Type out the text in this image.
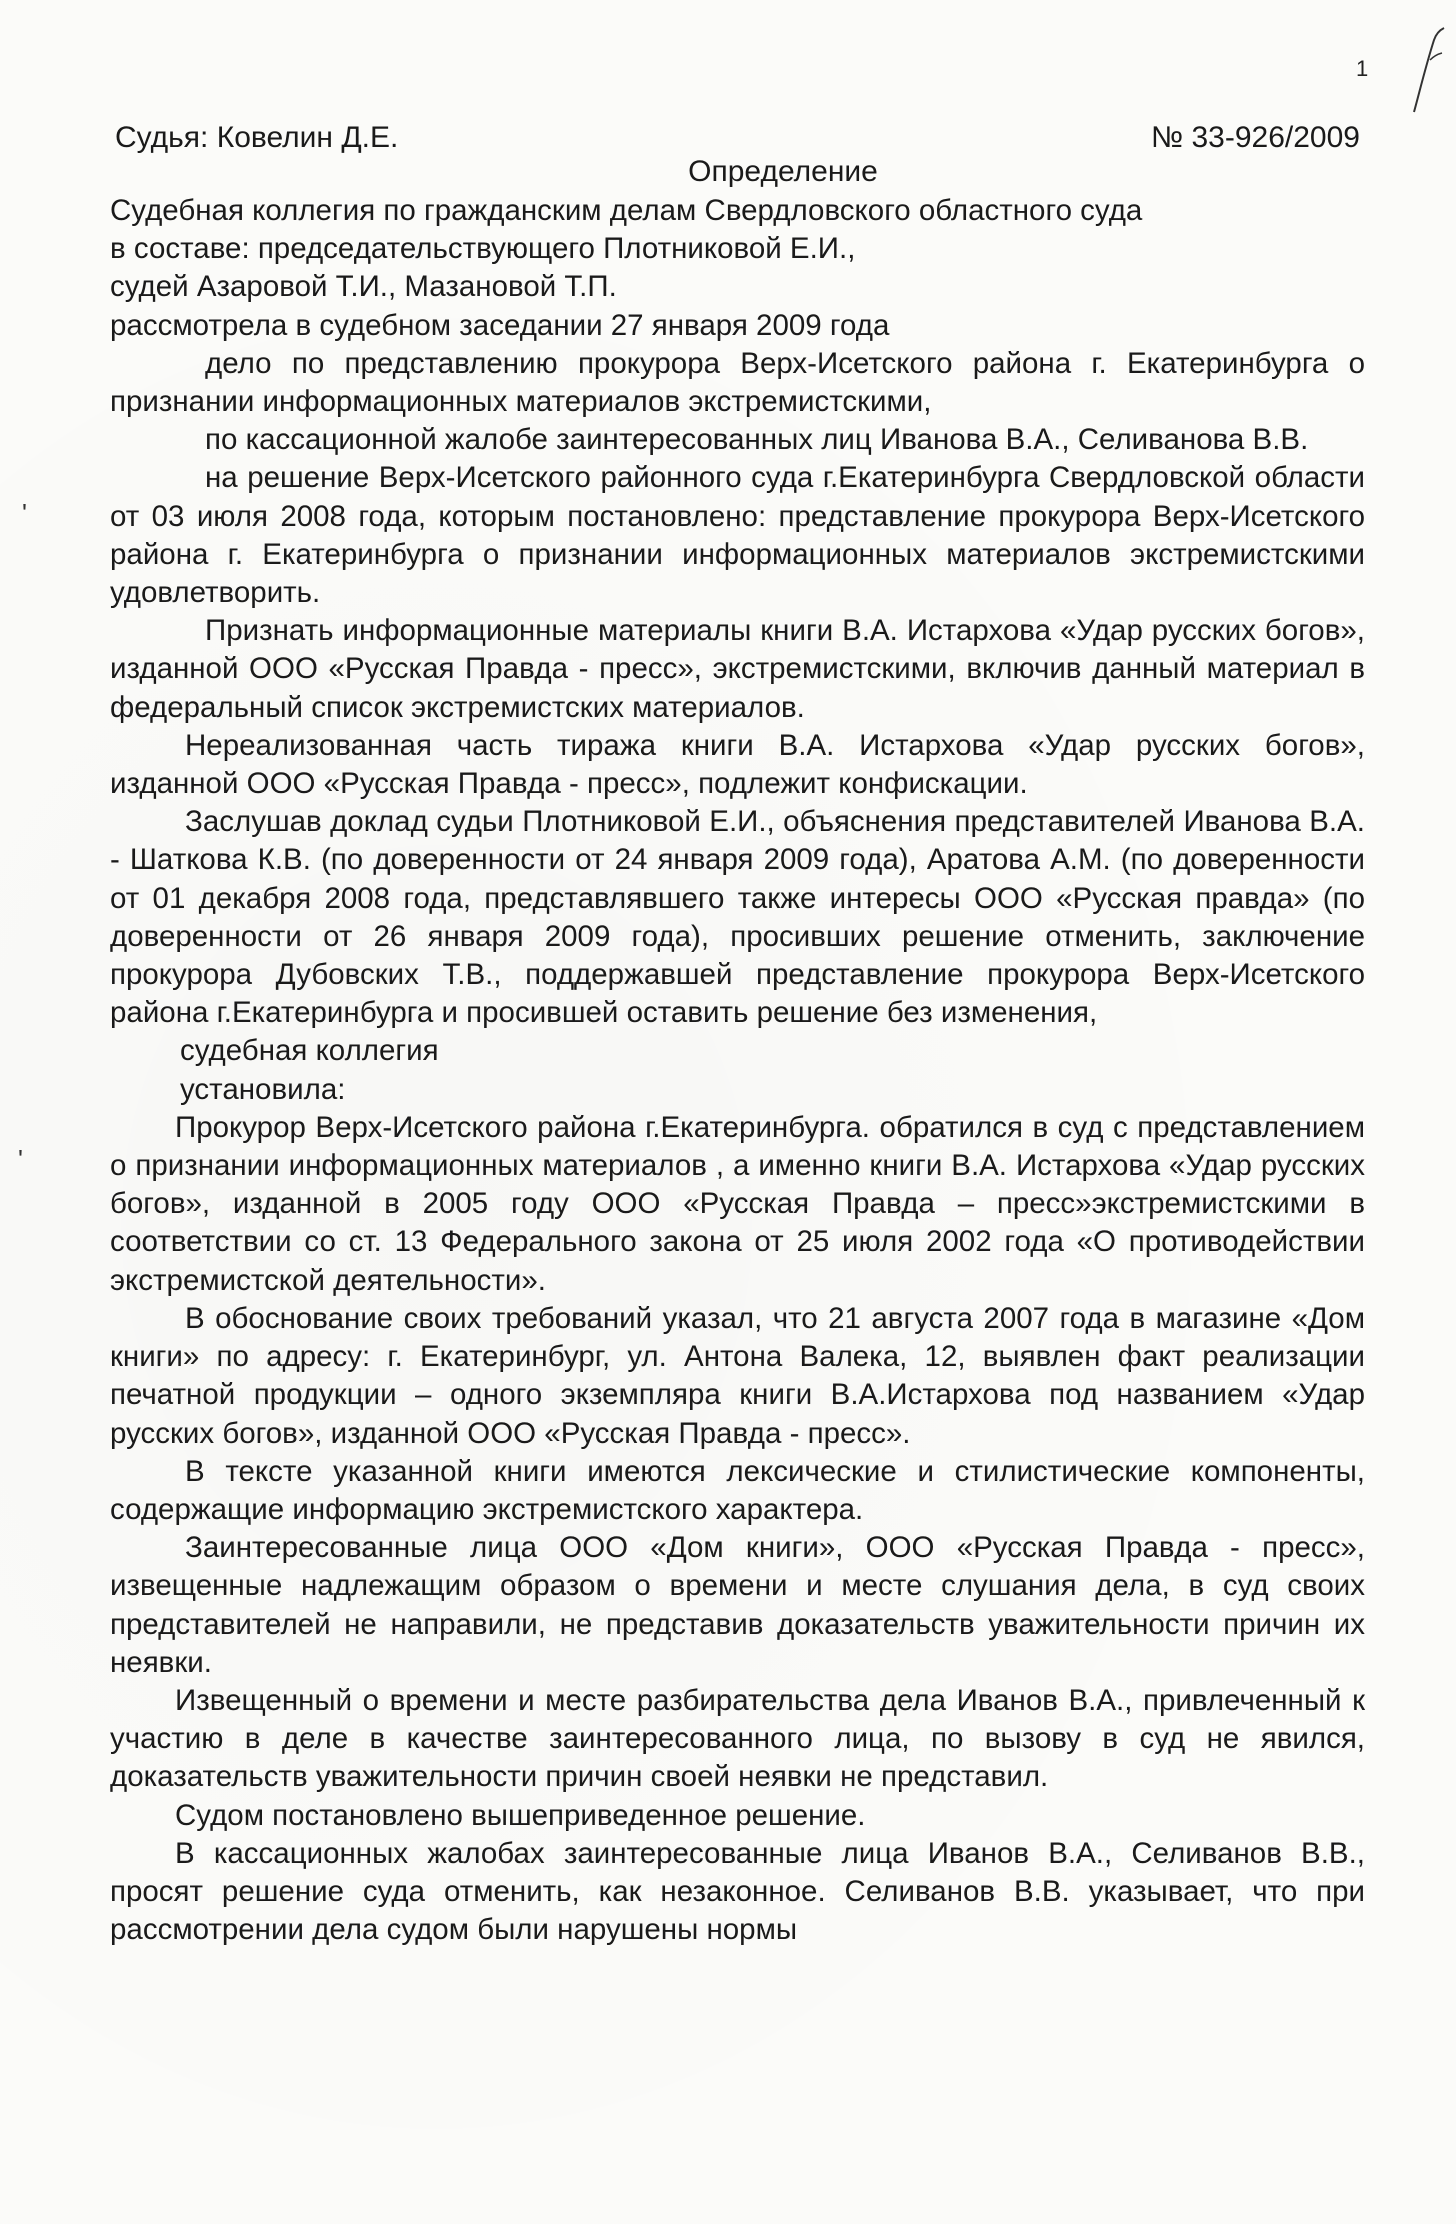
1
'
'
Судья: Ковелин Д.Е.	№ 33-926/2009
Определение

Судебная коллегия по гражданским делам Свердловского областного суда

в составе: председательствующего Плотниковой Е.И.,

судей Азаровой Т.И., Мазановой Т.П.

рассмотрела в судебном заседании 27 января 2009 года

дело по представлению прокурора Верх-Исетского района г. Екатеринбурга о признании информационных материалов экстремистскими,

по кассационной жалобе заинтересованных лиц Иванова В.А., Селиванова В.В.

на решение Верх-Исетского районного суда г.Екатеринбурга Свердловской области от 03 июля 2008 года, которым постановлено: представление прокурора Верх-Исетского района г. Екатеринбурга о признании информационных материалов экстремистскими удовлетворить.

Признать информационные материалы книги В.А. Истархова «Удар русских богов», изданной ООО «Русская Правда - пресс», экстремистскими, включив данный материал в федеральный список экстремистских материалов.

Нереализованная часть тиража книги В.А. Истархова «Удар русских богов», изданной ООО «Русская Правда - пресс», подлежит конфискации.

Заслушав доклад судьи Плотниковой Е.И., объяснения представителей Иванова В.А. - Шаткова К.В. (по доверенности от 24 января 2009 года), Аратова А.М. (по доверенности от 01 декабря 2008 года, представлявшего также интересы ООО «Русская правда» (по доверенности от 26 января 2009 года), просивших решение отменить, заключение прокурора Дубовских Т.В., поддержавшей представление прокурора Верх-Исетского района г.Екатеринбурга и просившей оставить решение без изменения,

судебная коллегия

установила:

Прокурор Верх-Исетского района г.Екатеринбурга. обратился в суд с представлением о признании информационных материалов , а именно книги В.А. Истархова «Удар русских богов», изданной в 2005 году ООО «Русская Правда – пресс»экстремистскими в соответствии со ст. 13 Федерального закона от 25 июля 2002 года «О противодействии экстремистской деятельности».

В обоснование своих требований указал, что 21 августа 2007 года в магазине «Дом книги» по адресу: г. Екатеринбург, ул. Антона Валека, 12, выявлен факт реализации печатной продукции – одного экземпляра книги В.А.Истархова под названием «Удар русских богов», изданной ООО «Русская Правда - пресс».

В тексте указанной книги имеются лексические и стилистические компоненты, содержащие информацию экстремистского характера.

Заинтересованные лица ООО «Дом книги», ООО «Русская Правда - пресс», извещенные надлежащим образом о времени и месте слушания дела, в суд своих представителей не направили, не представив доказательств уважительности причин их неявки.

Извещенный о времени и месте разбирательства дела Иванов В.А., привлеченный к участию в деле в качестве заинтересованного лица, по вызову в суд не явился, доказательств уважительности причин своей неявки не представил.

Судом постановлено вышеприведенное решение.

В кассационных жалобах заинтересованные лица Иванов В.А., Селиванов В.В., просят решение суда отменить, как незаконное. Селиванов В.В. указывает, что при рассмотрении дела судом были нарушены нормы
